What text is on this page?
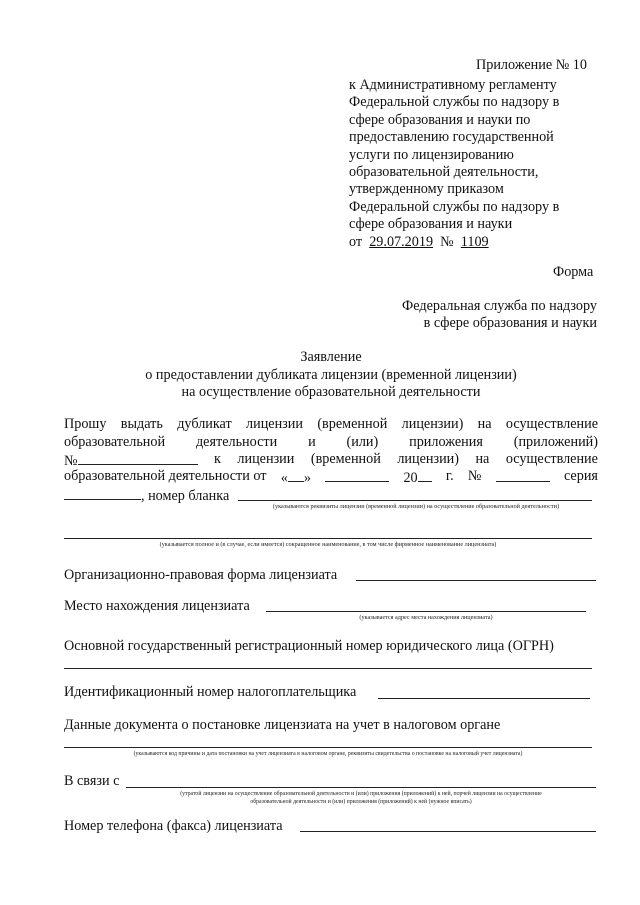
Приложение № 10
к Административному регламенту
Федеральной службы по надзору в
сфере образования и науки по
предоставлению государственной
услуги по лицензированию
образовательной деятельности,
утвержденному приказом
Федеральной службы по надзору в
сфере образования и науки
от 29.07.2019 № 1109
Форма
Федеральная служба по надзору
в сфере образования и науки
Заявление
о предоставлении дубликата лицензии (временной лицензии)
на осуществление образовательной деятельности
Прошу выдать дубликат лицензии (временной лицензии) на осуществление
образовательной деятельности и (или) приложения (приложений)
№	к лицензии (временной лицензии) на осуществление
образовательной деятельности от « »	20	г. №	серия
, номер бланка
(указываются реквизиты лицензии (временной лицензии) на осуществление образовательной деятельности)
(указывается полное и (в случае, если имеется) сокращенное наименование, в том числе фирменное наименование лицензиата)
Организационно-правовая форма лицензиата
Место нахождения лицензиата
(указывается адрес места нахождения лицензиата)
Основной государственный регистрационный номер юридического лица (ОГРН)
Идентификационный номер налогоплательщика
Данные документа о постановке лицензиата на учет в налоговом органе
(указываются код причины и дата постановки на учет лицензиата в налоговом органе, реквизиты свидетельства о постановке на налоговый учет лицензиата)
В связи с
(утратой лицензии на осуществление образовательной деятельности и (или) приложения (приложений) к ней, порчей лицензии на осуществление
образовательной деятельности и (или) приложения (приложений) к ней (нужное вписать)
Номер телефона (факса) лицензиата
